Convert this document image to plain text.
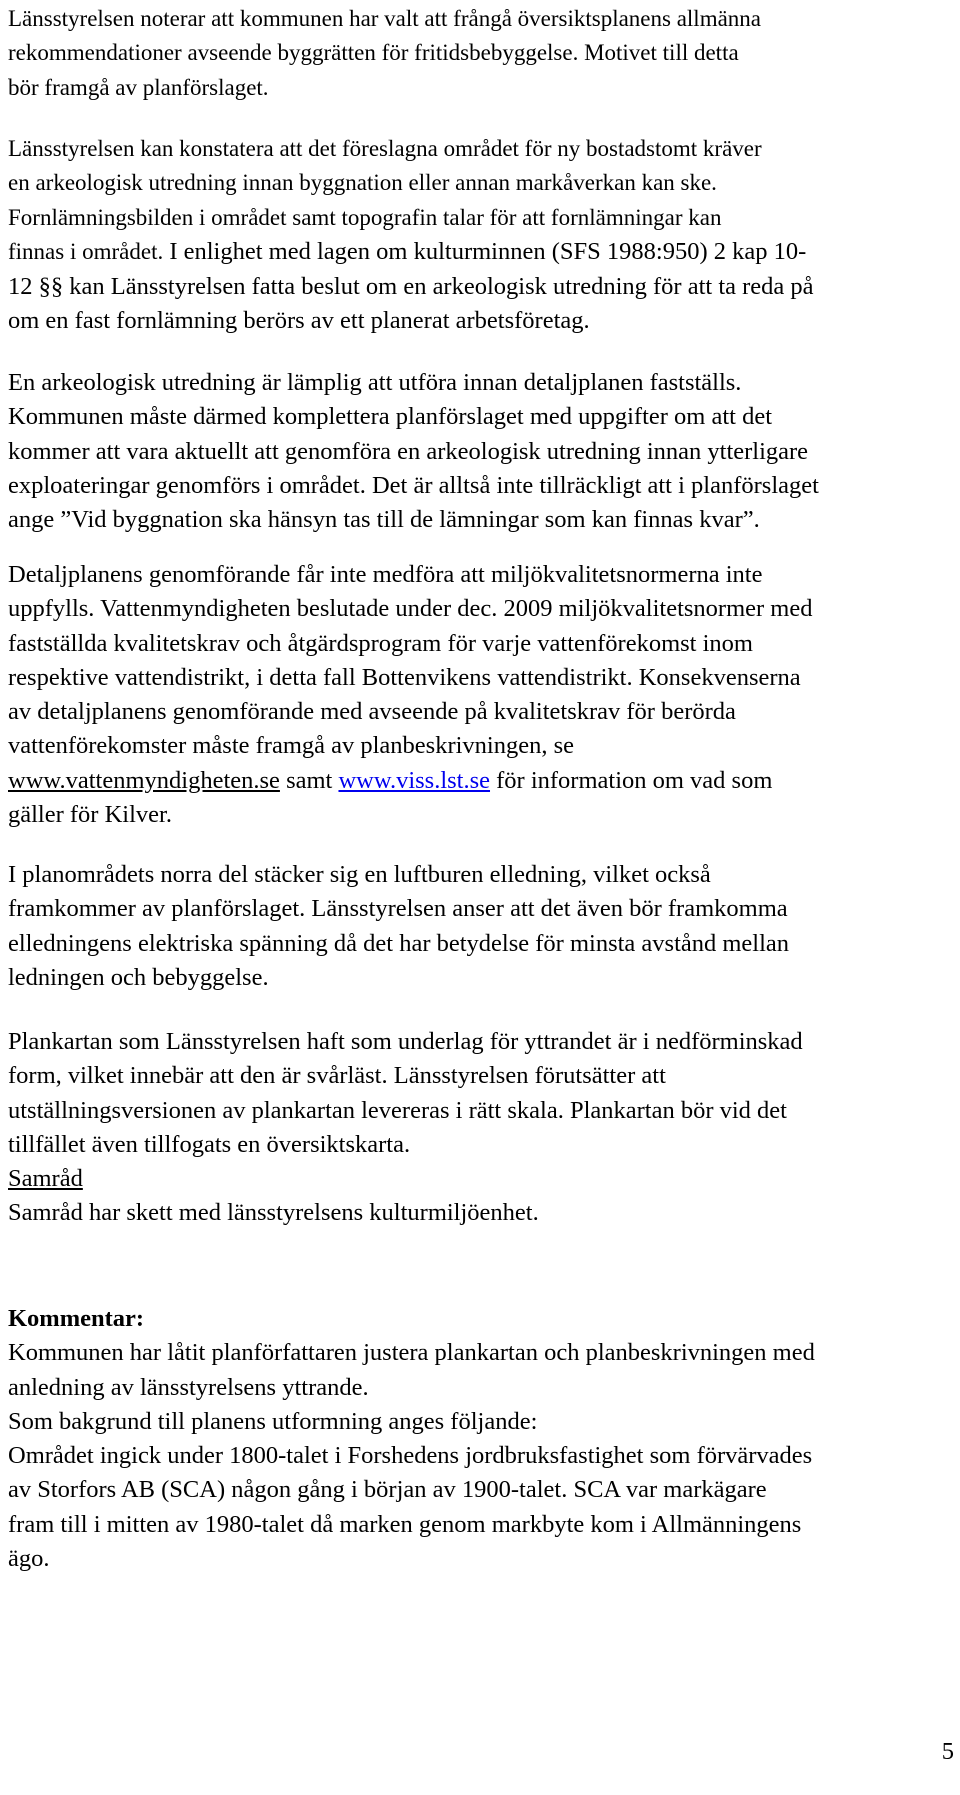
Länsstyrelsen noterar att kommunen har valt att frångå översiktsplanens allmänna
rekommendationer avseende byggrätten för fritidsbebyggelse. Motivet till detta
bör framgå av planförslaget.
Länsstyrelsen kan konstatera att det föreslagna området för ny bostadstomt kräver
en arkeologisk utredning innan byggnation eller annan markåverkan kan ske.
Fornlämningsbilden i området samt topografin talar för att fornlämningar kan
finnas i området. I enlighet med lagen om kulturminnen (SFS 1988:950) 2 kap 10-
12 §§ kan Länsstyrelsen fatta beslut om en arkeologisk utredning för att ta reda på
om en fast fornlämning berörs av ett planerat arbetsföretag.
En arkeologisk utredning är lämplig att utföra innan detaljplanen fastställs.
Kommunen måste därmed komplettera planförslaget med uppgifter om att det
kommer att vara aktuellt att genomföra en arkeologisk utredning innan ytterligare
exploateringar genomförs i området. Det är alltså inte tillräckligt att i planförslaget
ange ”Vid byggnation ska hänsyn tas till de lämningar som kan finnas kvar”.
Detaljplanens genomförande får inte medföra att miljökvalitetsnormerna inte
uppfylls. Vattenmyndigheten beslutade under dec. 2009 miljökvalitetsnormer med
fastställda kvalitetskrav och åtgärdsprogram för varje vattenförekomst inom
respektive vattendistrikt, i detta fall Bottenvikens vattendistrikt. Konsekvenserna
av detaljplanens genomförande med avseende på kvalitetskrav för berörda
vattenförekomster måste framgå av planbeskrivningen, se
www.vattenmyndigheten.se samt www.viss.lst.se för information om vad som
gäller för Kilver.
I planområdets norra del stäcker sig en luftburen elledning, vilket också
framkommer av planförslaget. Länsstyrelsen anser att det även bör framkomma
elledningens elektriska spänning då det har betydelse för minsta avstånd mellan
ledningen och bebyggelse.
Plankartan som Länsstyrelsen haft som underlag för yttrandet är i nedförminskad
form, vilket innebär att den är svårläst. Länsstyrelsen förutsätter att
utställningsversionen av plankartan levereras i rätt skala. Plankartan bör vid det
tillfället även tillfogats en översiktskarta.
Samråd
Samråd har skett med länsstyrelsens kulturmiljöenhet.
Kommentar:
Kommunen har låtit planförfattaren justera plankartan och planbeskrivningen med
anledning av länsstyrelsens yttrande.
Som bakgrund till planens utformning anges följande:
Området ingick under 1800-talet i Forshedens jordbruksfastighet som förvärvades
av Storfors AB (SCA) någon gång i början av 1900-talet. SCA var markägare
fram till i mitten av 1980-talet då marken genom markbyte kom i Allmänningens
ägo.
5
